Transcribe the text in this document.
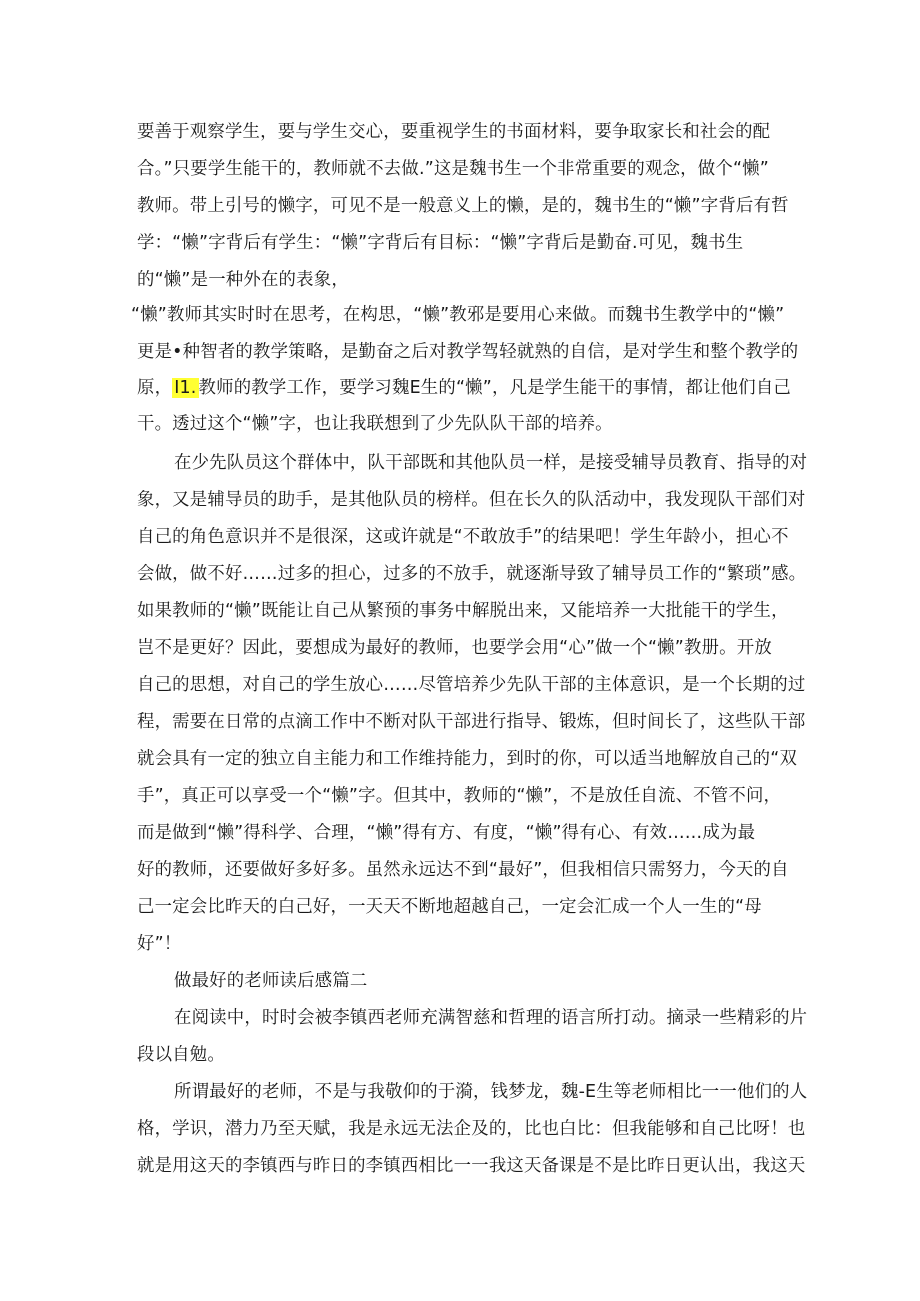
要善于观察学生，要与学生交心，要重视学生的书面材料，要争取家长和社会的配
合。”只要学生能干的，教师就不去做.”这是魏书生一个非常重要的观念，做个“懒”
教师。带上引号的懒字，可见不是一般意义上的懒，是的，魏书生的“懒”字背后有哲
学：“懒”字背后有学生：“懒”字背后有目标：“懒”字背后是勤奋.可见，魏书生
的“懒”是一种外在的表象，
“懒”教师其实时时在思考，在构思，“懒”教邪是要用心来做。而魏书生教学中的“懒”
更是•种智者的教学策略，是勤奋之后对教学驾轻就熟的自信，是对学生和整个教学的
原， I1. 教师的教学工作，要学习魏E生的“懒”，凡是学生能干的事情，都让他们自己
干。透过这个“懒”字，也让我联想到了少先队队干部的培养。
在少先队员这个群体中，队干部既和其他队员一样，是接受辅导员教育、指导的对
象，又是辅导员的助手，是其他队员的榜样。但在长久的队活动中，我发现队干部们对
自己的角色意识并不是很深，这或许就是“不敢放手”的结果吧！学生年龄小，担心不
会做，做不好……过多的担心，过多的不放手，就逐渐导致了辅导员工作的“繁琐”感。
如果教师的“懒”既能让自己从繁预的事务中解脱出来，又能培养一大批能干的学生，
岂不是更好？因此，要想成为最好的教师，也要学会用“心”做一个“懒”教册。开放
自己的思想，对自己的学生放心……尽管培养少先队干部的主体意识，是一个长期的过
程，需要在日常的点滴工作中不断对队干部进行指导、锻炼，但时间长了，这些队干部
就会具有一定的独立自主能力和工作维持能力，到时的你，可以适当地解放自己的“双
手”，真正可以享受一个“懒”字。但其中，教师的“懒”，不是放任自流、不管不问，
而是做到“懒”得科学、合理，“懒”得有方、有度，“懒”得有心、有效……成为最
好的教师，还要做好多好多。虽然永远达不到“最好”，但我相信只需努力，今天的自
己一定会比昨天的白己好，一天天不断地超越自己，一定会汇成一个人一生的“母
好”！
做最好的老师读后感篇二
在阅读中，时时会被李镇西老师充满智慈和哲理的语言所打动。摘录一些精彩的片
段以自勉。
所谓最好的老师，不是与我敬仰的于漪，钱梦龙，魏-E生等老师相比一一他们的人
格，学识，潜力乃至天赋，我是永远无法企及的，比也白比：但我能够和自己比呀！也
就是用这天的李镇西与昨日的李镇西相比一一我这天备课是不是比昨日更认出，我这天
